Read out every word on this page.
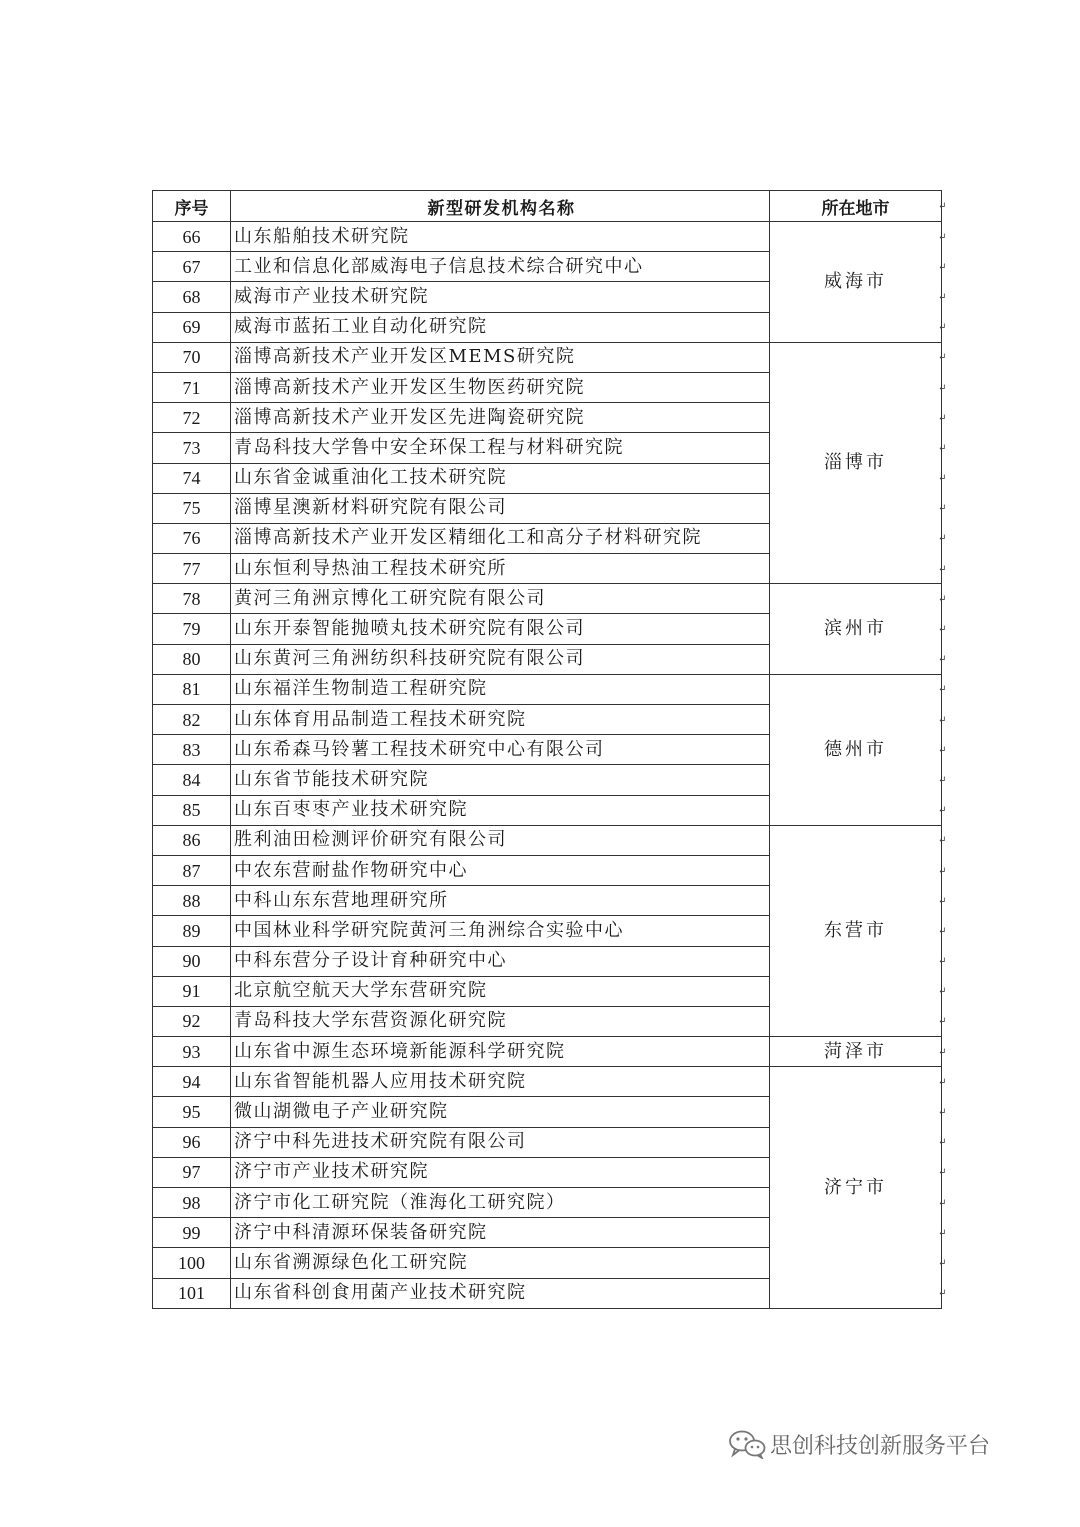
序号	新型研发机构名称	所在地市
66	山东船舶技术研究院	威海市
67	工业和信息化部威海电子信息技术综合研究中心	
68	威海市产业技术研究院	
69	威海市蓝拓工业自动化研究院	
70	淄博高新技术产业开发区MEMS研究院	淄博市
71	淄博高新技术产业开发区生物医药研究院	
72	淄博高新技术产业开发区先进陶瓷研究院	
73	青岛科技大学鲁中安全环保工程与材料研究院	
74	山东省金诚重油化工技术研究院	
75	淄博星澳新材料研究院有限公司	
76	淄博高新技术产业开发区精细化工和高分子材料研究院	
77	山东恒利导热油工程技术研究所	
78	黄河三角洲京博化工研究院有限公司	滨州市
79	山东开泰智能抛喷丸技术研究院有限公司	
80	山东黄河三角洲纺织科技研究院有限公司	
81	山东福洋生物制造工程研究院	德州市
82	山东体育用品制造工程技术研究院	
83	山东希森马铃薯工程技术研究中心有限公司	
84	山东省节能技术研究院	
85	山东百枣枣产业技术研究院	
86	胜利油田检测评价研究有限公司	东营市
87	中农东营耐盐作物研究中心	
88	中科山东东营地理研究所	
89	中国林业科学研究院黄河三角洲综合实验中心	
90	中科东营分子设计育种研究中心	
91	北京航空航天大学东营研究院	
92	青岛科技大学东营资源化研究院	
93	山东省中源生态环境新能源科学研究院	菏泽市
94	山东省智能机器人应用技术研究院	济宁市
95	微山湖微电子产业研究院	
96	济宁中科先进技术研究院有限公司	
97	济宁市产业技术研究院	
98	济宁市化工研究院（淮海化工研究院）	
99	济宁中科清源环保装备研究院	
100	山东省溯源绿色化工研究院	
101	山东省科创食用菌产业技术研究院	
↵
↵
↵
↵
↵
↵
↵
↵
↵
↵
↵
↵
↵
↵
↵
↵
↵
↵
↵
↵
↵
↵
↵
↵
↵
↵
↵
↵
↵
↵
↵
↵
↵
↵
↵
↵
↵
思创科技创新服务平台
